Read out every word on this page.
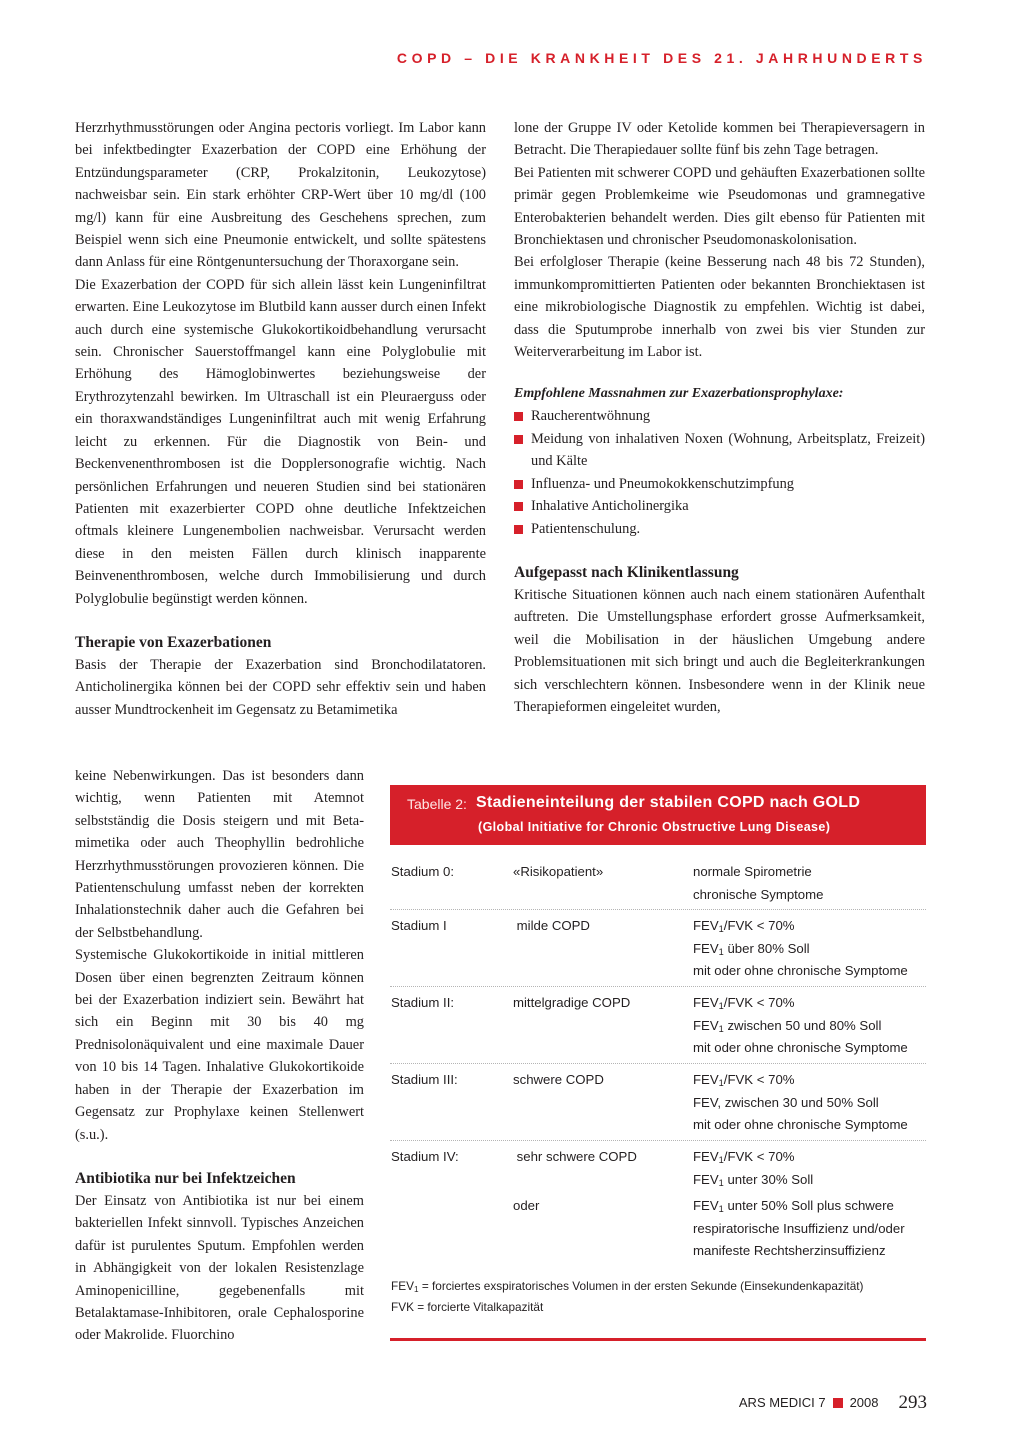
COPD – DIE KRANKHEIT DES 21. JAHRHUNDERTS

Herzrhythmusstörungen oder Angina pectoris vorliegt. Im Labor kann bei infektbedingter Exazerbation der COPD eine Erhöhung der Entzündungsparameter (CRP, Prokalzitonin, Leukozytose) nachweisbar sein. Ein stark erhöhter CRP-Wert über 10 mg/dl (100 mg/l) kann für eine Ausbreitung des Geschehens sprechen, zum Beispiel wenn sich eine Pneumonie entwickelt, und sollte spätestens dann Anlass für eine Röntgenuntersuchung der Thoraxorgane sein.

Die Exazerbation der COPD für sich allein lässt kein Lungeninfiltrat erwarten. Eine Leukozytose im Blutbild kann ausser durch einen Infekt auch durch eine systemische Glukokortikoidbehandlung verursacht sein. Chronischer Sauerstoffmangel kann eine Polyglobulie mit Erhöhung des Hämoglobinwertes beziehungsweise der Erythrozytenzahl bewirken. Im Ultraschall ist ein Pleuraerguss oder ein thoraxwandständiges Lungeninfiltrat auch mit wenig Erfahrung leicht zu erkennen. Für die Diagnostik von Bein- und Beckenvenenthrombosen ist die Dopplersonografie wichtig. Nach persönlichen Erfahrungen und neueren Studien sind bei stationären Patienten mit exazerbierter COPD ohne deutliche Infektzeichen oftmals kleinere Lungenembolien nachweisbar. Verursacht werden diese in den meisten Fällen durch klinisch inapparente Beinvenenthrombosen, welche durch Immobilisierung und durch Polyglobulie begünstigt werden können.

Therapie von Exazerbationen

Basis der Therapie der Exazerbation sind Bronchodilatatoren. Anticholinergika können bei der COPD sehr effektiv sein und haben ausser Mundtrockenheit im Gegensatz zu Betamimetika

keine Nebenwirkungen. Das ist besonders dann wichtig, wenn Patienten mit Atemnot selbstständig die Dosis steigern und mit Betamimetika oder auch Theophyllin bedrohliche Herzrhythmusstörungen provozieren können. Die Patientenschulung umfasst neben der korrekten Inhalationstechnik daher auch die Gefahren bei der Selbstbehandlung.

Systemische Glukokortikoide in initial mittleren Dosen über einen begrenzten Zeitraum können bei der Exazerbation indiziert sein. Bewährt hat sich ein Beginn mit 30 bis 40 mg Prednisolonäquivalent und eine maximale Dauer von 10 bis 14 Tagen. Inhalative Glukokortikoide haben in der Therapie der Exazerbation im Gegensatz zur Prophylaxe keinen Stellenwert (s.u.).

Antibiotika nur bei Infektzeichen

Der Einsatz von Antibiotika ist nur bei einem bakteriellen Infekt sinnvoll. Typisches Anzeichen dafür ist purulentes Sputum. Empfohlen werden in Abhängigkeit von der lokalen Resistenzlage Aminopenicilline, gegebenenfalls mit Betalaktamase-Inhibitoren, orale Cephalosporine oder Makrolide. Fluorchino

lone der Gruppe IV oder Ketolide kommen bei Therapieversagern in Betracht. Die Therapiedauer sollte fünf bis zehn Tage betragen.

Bei Patienten mit schwerer COPD und gehäuften Exazerbationen sollte primär gegen Problemkeime wie Pseudomonas und gramnegative Enterobakterien behandelt werden. Dies gilt ebenso für Patienten mit Bronchiektasen und chronischer Pseudomonaskolonisation.

Bei erfolgloser Therapie (keine Besserung nach 48 bis 72 Stunden), immunkompromittierten Patienten oder bekannten Bronchiektasen ist eine mikrobiologische Diagnostik zu empfehlen. Wichtig ist dabei, dass die Sputumprobe innerhalb von zwei bis vier Stunden zur Weiterverarbeitung im Labor ist.

Empfohlene Massnahmen zur Exazerbationsprophylaxe:
Raucherentwöhnung
Meidung von inhalativen Noxen (Wohnung, Arbeitsplatz, Freizeit) und Kälte
Influenza- und Pneumokokkenschutzimpfung
Inhalative Anticholinergika
Patientenschulung.
Aufgepasst nach Klinikentlassung

Kritische Situationen können auch nach einem stationären Aufenthalt auftreten. Die Umstellungsphase erfordert grosse Aufmerksamkeit, weil die Mobilisation in der häuslichen Umgebung andere Problemsituationen mit sich bringt und auch die Begleiterkrankungen sich verschlechtern können. Insbesondere wenn in der Klinik neue Therapieformen eingeleitet wurden,

Tabelle 2: Stadieneinteilung der stabilen COPD nach GOLD
(Global Initiative for Chronic Obstructive Lung Disease)
Stadium 0:	«Risikopatient»	normale Spirometrie
chronische Symptome
Stadium I	milde COPD	$FEV_1$/FVK < 70%
$FEV_1$ über 80% Soll
mit oder ohne chronische Symptome
Stadium II:	mittelgradige COPD	$FEV_1$/FVK < 70%
$FEV_1$ zwischen 50 und 80% Soll
mit oder ohne chronische Symptome
Stadium III:	schwere COPD	$FEV_1$/FVK < 70%
FEV, zwischen 30 und 50% Soll
mit oder ohne chronische Symptome
Stadium IV:	sehr schwere COPD	$FEV_1$/FVK < 70%
$FEV_1$ unter 30% Soll
oder	$FEV_1$ unter 50% Soll plus schwere
respiratorische Insuffizienz und/oder
manifeste Rechtsherzinsuffizienz
$FEV_1$ = forciertes exspiratorisches Volumen in der ersten Sekunde (Einsekundenkapazität)
FVK = forcierte Vitalkapazität
ARS MEDICI 7 2008 293
